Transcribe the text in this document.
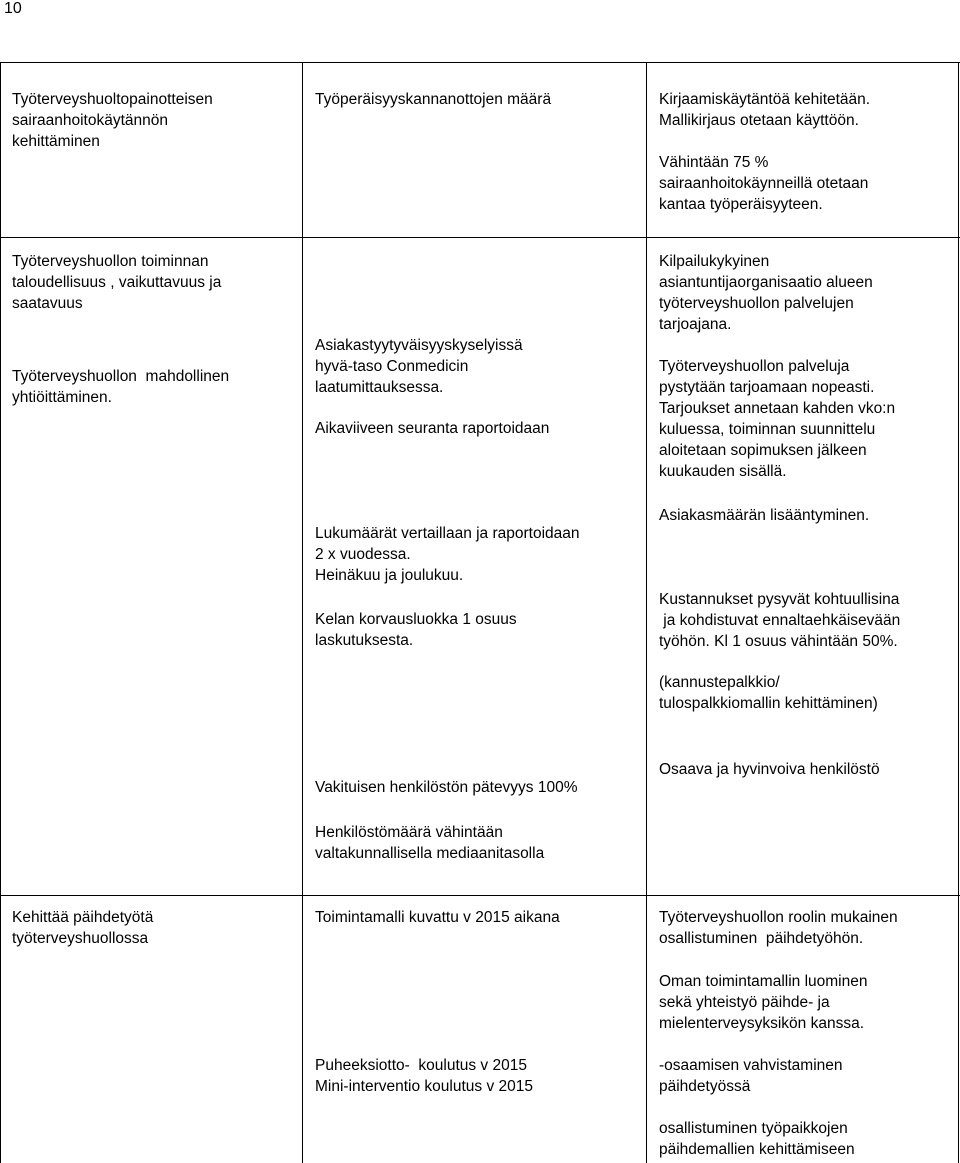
10
Työterveyshuoltopainotteisen
sairaanhoitokäytännön
kehittäminen
Työperäisyyskannanottojen määrä	Kirjaamiskäytäntöä kehitetään.
Mallikirjaus otetaan käyttöön.
Vähintään 75 %
sairaanhoitokäynneillä otetaan
kantaa työperäisyyteen.
Työterveyshuollon toiminnan
taloudellisuus , vaikuttavuus ja
saatavuus
Työterveyshuollon  mahdollinen
yhtiöittäminen.
Asiakastyytyväisyyskyselyissä
hyvä-taso Conmedicin
laatumittauksessa.
Aikaviiveen seuranta raportoidaan
Lukumäärät vertaillaan ja raportoidaan
2 x vuodessa.
Heinäkuu ja joulukuu.
Kelan korvausluokka 1 osuus
laskutuksesta.
Kilpailukykyinen
asiantuntijaorganisaatio alueen
työterveyshuollon palvelujen
tarjoajana.
Työterveyshuollon palveluja
pystytään tarjoamaan nopeasti.
Tarjoukset annetaan kahden vko:n
kuluessa, toiminnan suunnittelu
aloitetaan sopimuksen jälkeen
kuukauden sisällä.
Asiakasmäärän lisääntyminen.
Kustannukset pysyvät kohtuullisina
ja kohdistuvat ennaltaehkäisevään
työhön. Kl 1 osuus vähintään 50%.
(kannustepalkkio/
tulospalkkiomallin kehittäminen)
Vakituisen henkilöstön pätevyys 100%
Henkilöstömäärä vähintään
valtakunnallisella mediaanitasolla
Osaava ja hyvinvoiva henkilöstö
Kehittää päihdetyötä
työterveyshuollossa
Toimintamalli kuvattu v 2015 aikana
Puheeksiotto-  koulutus v 2015
Mini-interventio koulutus v 2015
Työterveyshuollon roolin mukainen
osallistuminen  päihdetyöhön.
Oman toimintamallin luominen
sekä yhteistyö päihde- ja
mielenterveysyksikön kanssa.
-osaamisen vahvistaminen
päihdetyössä
osallistuminen työpaikkojen
päihdemallien kehittämiseen
